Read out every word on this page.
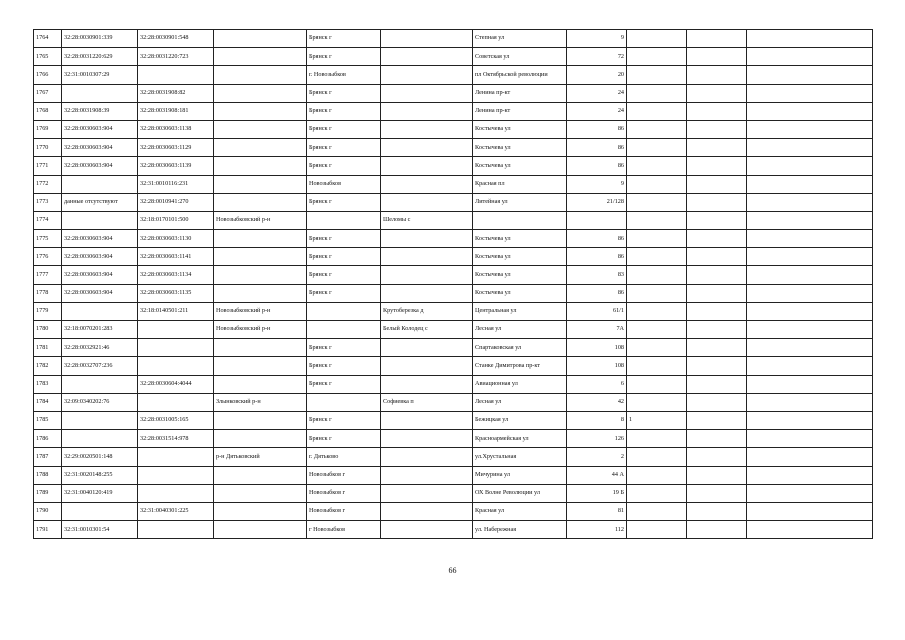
1764	32:28:0030901:339	32:28:0030901:548		Брянск г		Степная ул	9			
1765	32:28:0031220:629	32:28:0031220:723		Брянск г		Советская ул	72			
1766	32:31:0010307:29			г. Новозыбков		пл Октябрьской революции	20			
1767		32:28:0031908:82		Брянск г		Ленина пр-кт	24			
1768	32:28:0031908:39	32:28:0031908:181		Брянск г		Ленина пр-кт	24			
1769	32:28:0030603:904	32:28:0030603:1138		Брянск г		Костычева ул	86			
1770	32:28:0030603:904	32:28:0030603:1129		Брянск г		Костычева ул	86			
1771	32:28:0030603:904	32:28:0030603:1139		Брянск г		Костычева ул	86			
1772		32:31:0010116:231		Новозыбков		Красная пл	9			
1773	данные отсутствуют	32:28:0010941:270		Брянск г		Литейная ул	21/128			
1774		32:18:0170101:500	Новозыбковский р-н		Шеломы с					
1775	32:28:0030603:904	32:28:0030603:1130		Брянск г		Костычева ул	86			
1776	32:28:0030603:904	32:28:0030603:1141		Брянск г		Костычева ул	86			
1777	32:28:0030603:904	32:28:0030603:1134		Брянск г		Костычева ул	83			
1778	32:28:0030603:904	32:28:0030603:1135		Брянск г		Костычева ул	86			
1779		32:18:0140501:211	Новозыбковский р-н		Крутоберезка д	Центральная ул	61/1			
1780	32:18:0070201:283		Новозыбковский р-н		Белый Колодец с	Лесная ул	7А			
1781	32:28:0032921:46			Брянск г		Спартаковская ул	108			
1782	32:28:0032707:236			Брянск г		Станке Димитрова пр-кт	108			
1783		32:28:0030604:4044		Брянск г		Авиационная ул	6			
1784	32:09:0340202:76		Злынковский р-н		Софиевка п	Лесная ул	42			
1785		32:28:0031005:165		Брянск г		Бежицкая ул	8	1		
1786		32:28:0031514:978		Брянск г		Красноармейская ул	126			
1787	32:29:0020501:148		р-н Дятьковский	г. Дятьково		ул.Хрустальная	2			
1788	32:31:0020148:255			Новозыбков г		Мичурина ул	44 А			
1789	32:31:0040120:419			Новозыбков г		ОХ Волне Революции ул	19 Б			
1790		32:31:0040301:225		Новозыбков г		Красная ул	81			
1791	32:31:0010301:54			г Новозыбков		ул. Набережная	112			
66
